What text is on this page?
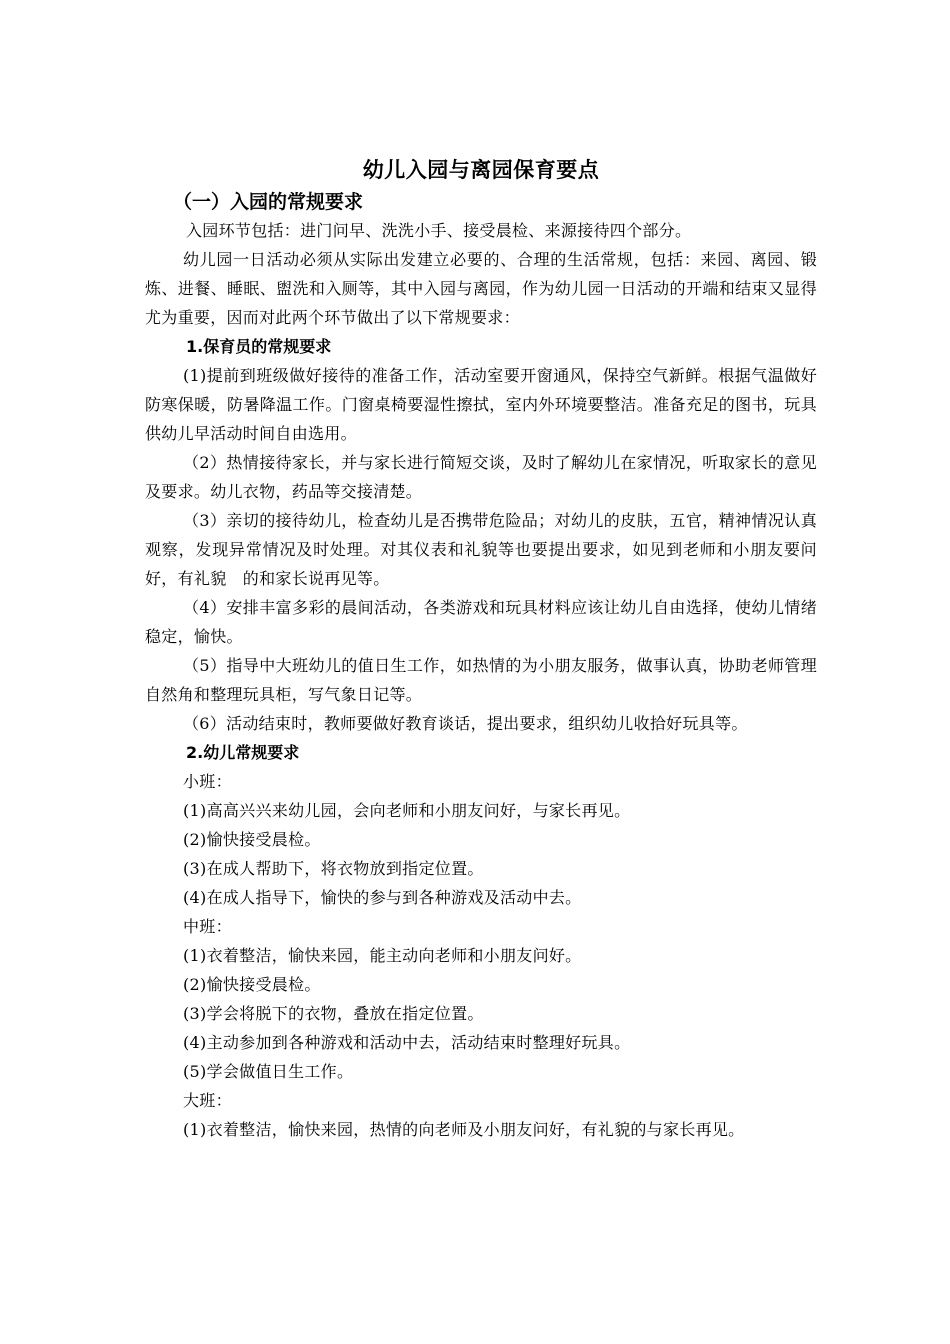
幼儿入园与离园保育要点
（一）入园的常规要求

入园环节包括：进门问早、洗洗小手、接受晨检、来源接待四个部分。

幼儿园一日活动必须从实际出发建立必要的、合理的生活常规，包括：来园、离园、锻炼、进餐、睡眠、盥洗和入厕等，其中入园与离园，作为幼儿园一日活动的开端和结束又显得尤为重要，因而对此两个环节做出了以下常规要求：

1.保育员的常规要求

(1)提前到班级做好接待的准备工作，活动室要开窗通风，保持空气新鲜。根据气温做好防寒保暖，防暑降温工作。门窗桌椅要湿性擦拭，室内外环境要整洁。准备充足的图书，玩具供幼儿早活动时间自由选用。

（2）热情接待家长，并与家长进行简短交谈，及时了解幼儿在家情况，听取家长的意见及要求。幼儿衣物，药品等交接清楚。

（3）亲切的接待幼儿，检查幼儿是否携带危险品；对幼儿的皮肤，五官，精神情况认真观察，发现异常情况及时处理。对其仪表和礼貌等也要提出要求，如见到老师和小朋友要问好，有礼貌　的和家长说再见等。

（4）安排丰富多彩的晨间活动，各类游戏和玩具材料应该让幼儿自由选择，使幼儿情绪稳定，愉快。

（5）指导中大班幼儿的值日生工作，如热情的为小朋友服务，做事认真，协助老师管理自然角和整理玩具柜，写气象日记等。

（6）活动结束时，教师要做好教育谈话，提出要求，组织幼儿收拾好玩具等。

2.幼儿常规要求

小班：

(1)高高兴兴来幼儿园，会向老师和小朋友问好，与家长再见。

(2)愉快接受晨检。

(3)在成人帮助下，将衣物放到指定位置。

(4)在成人指导下，愉快的参与到各种游戏及活动中去。

中班：

(1)衣着整洁，愉快来园，能主动向老师和小朋友问好。

(2)愉快接受晨检。

(3)学会将脱下的衣物，叠放在指定位置。

(4)主动参加到各种游戏和活动中去，活动结束时整理好玩具。

(5)学会做值日生工作。

大班：

(1)衣着整洁，愉快来园，热情的向老师及小朋友问好，有礼貌的与家长再见。
